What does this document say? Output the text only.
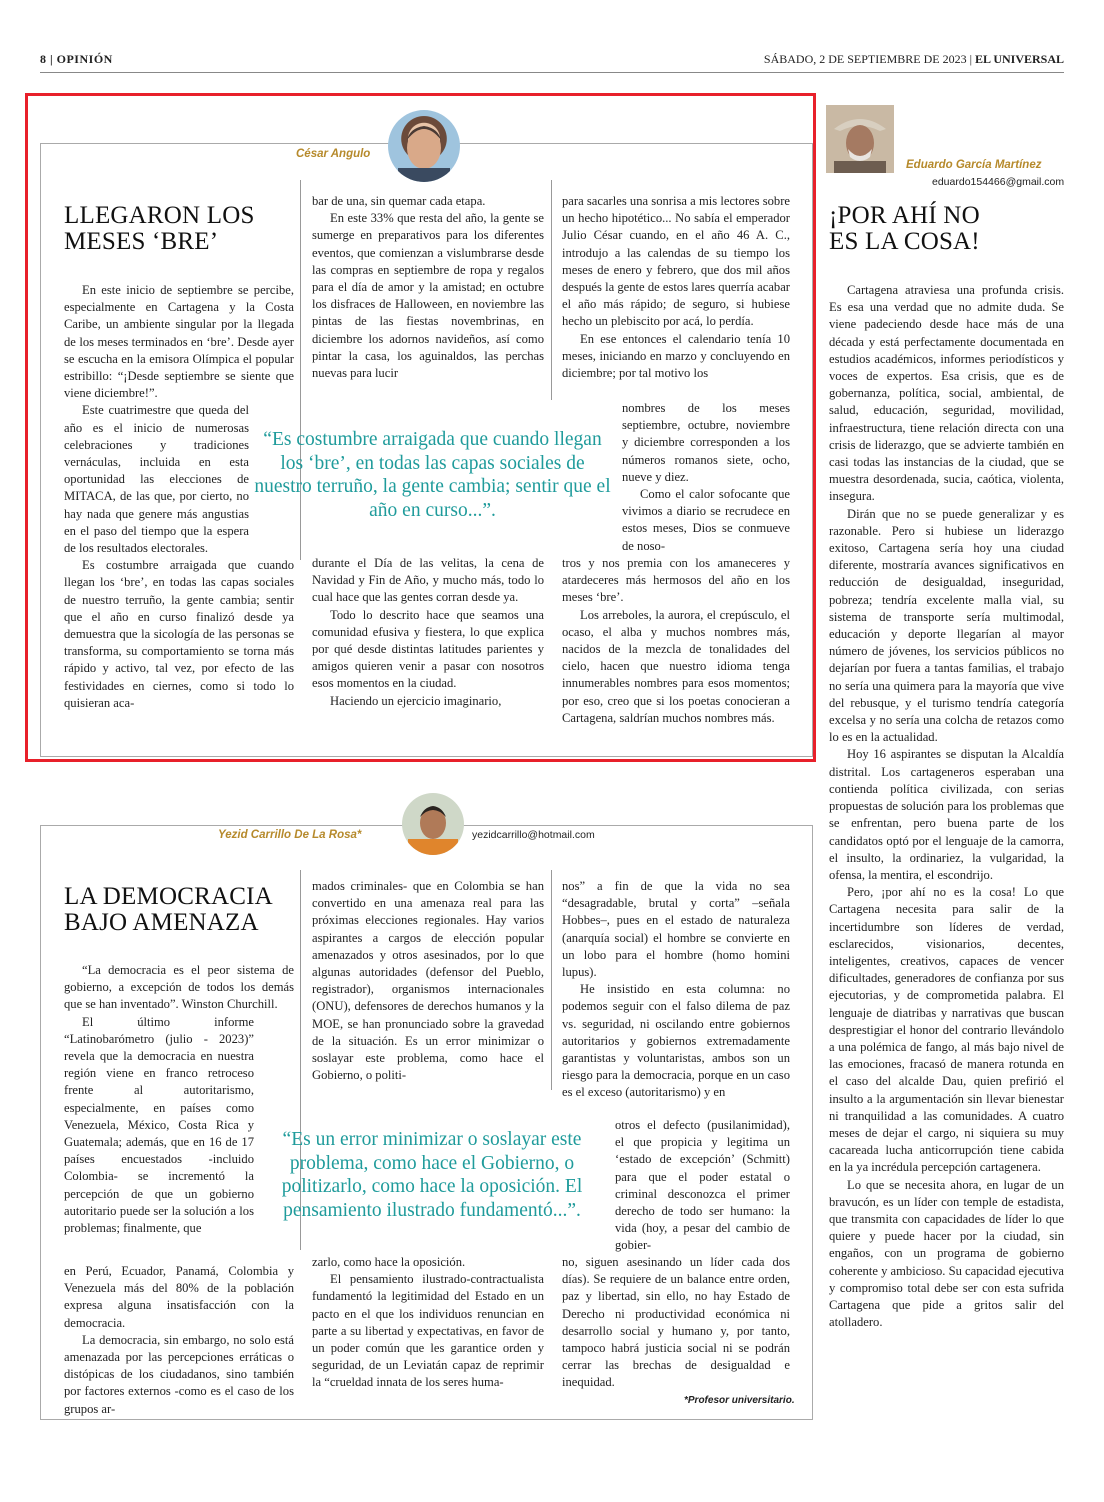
8 | OPINIÓN	SÁBADO, 2 DE SEPTIEMBRE DE 2023 | EL UNIVERSAL
César Angulo
LLEGARON LOS
MESES ‘BRE’

En este inicio de septiembre se percibe, especialmente en Cartagena y la Costa Caribe, un ambiente singular por la llegada de los meses terminados en ‘bre’. Desde ayer se escucha en la emisora Olímpica el popular estribillo: “¡Desde septiembre se siente que viene diciembre!”.

Este cuatrimestre que queda del año es el inicio de numerosas celebraciones y tradiciones vernáculas, incluida en esta oportunidad las elecciones de MITACA, de las que, por cierto, no hay nada que genere más angustias en el paso del tiempo que la espera de los resultados electorales.

Es costumbre arraigada que cuando llegan los ‘bre’, en todas las capas sociales de nuestro terruño, la gente cambia; sentir que el año en curso finalizó desde ya demuestra que la sicología de las personas se transforma, su comportamiento se torna más rápido y activo, tal vez, por efecto de las festividades en ciernes, como si todo lo quisieran aca-

bar de una, sin quemar cada etapa.

En este 33% que resta del año, la gente se sumerge en preparativos para los diferentes eventos, que comienzan a vislumbrarse desde las compras en septiembre de ropa y regalos para el día de amor y la amistad; en octubre los disfraces de Halloween, en noviembre las pintas de las fiestas novembrinas, en diciembre los adornos navideños, así como pintar la casa, los aguinaldos, las perchas nuevas para lucir

durante el Día de las velitas, la cena de Navidad y Fin de Año, y mucho más, todo lo cual hace que las gentes corran desde ya.

Todo lo descrito hace que seamos una comunidad efusiva y fiestera, lo que explica por qué desde distintas latitudes parientes y amigos quieren venir a pasar con nosotros esos momentos en la ciudad.

Haciendo un ejercicio imaginario,

para sacarles una sonrisa a mis lectores sobre un hecho hipotético... No sabía el emperador Julio César cuando, en el año 46 A. C., introdujo a las calendas de su tiempo los meses de enero y febrero, que dos mil años después la gente de estos lares querría acabar el año más rápido; de seguro, si hubiese hecho un plebiscito por acá, lo perdía.

En ese entonces el calendario tenía 10 meses, iniciando en marzo y concluyendo en diciembre; por tal motivo los

nombres de los meses septiembre, octubre, noviembre y diciembre corresponden a los números romanos siete, ocho, nueve y diez.

Como el calor sofocante que vivimos a diario se recrudece en estos meses, Dios se conmueve de noso-

tros y nos premia con los amaneceres y atardeceres más hermosos del año en los meses ‘bre’.

Los arreboles, la aurora, el crepúsculo, el ocaso, el alba y muchos nombres más, nacidos de la mezcla de tonalidades del cielo, hacen que nuestro idioma tenga innumerables nombres para esos momentos; por eso, creo que si los poetas conocieran a Cartagena, saldrían muchos nombres más.

“Es costumbre arraigada que cuando llegan los ‘bre’, en todas las capas sociales de nuestro terruño, la gente cambia; sentir que el año en curso...”.
Eduardo García Martínez
eduardo154466@gmail.com
¡POR AHÍ NO
ES LA COSA!

Cartagena atraviesa una profunda crisis. Es esa una verdad que no admite duda. Se viene padeciendo desde hace más de una década y está perfectamente documentada en estudios académicos, informes periodísticos y voces de expertos. Esa crisis, que es de gobernanza, política, social, ambiental, de salud, educación, seguridad, movilidad, infraestructura, tiene relación directa con una crisis de liderazgo, que se advierte también en casi todas las instancias de la ciudad, que se muestra desordenada, sucia, caótica, violenta, insegura.

Dirán que no se puede generalizar y es razonable. Pero si hubiese un liderazgo exitoso, Cartagena sería hoy una ciudad diferente, mostraría avances significativos en reducción de desigualdad, inseguridad, pobreza; tendría excelente malla vial, su sistema de transporte sería multimodal, educación y deporte llegarían al mayor número de jóvenes, los servicios públicos no dejarían por fuera a tantas familias, el trabajo no sería una quimera para la mayoría que vive del rebusque, y el turismo tendría categoría excelsa y no sería una colcha de retazos como lo es en la actualidad.

Hoy 16 aspirantes se disputan la Alcaldía distrital. Los cartageneros esperaban una contienda política civilizada, con serias propuestas de solución para los problemas que se enfrentan, pero buena parte de los candidatos optó por el lenguaje de la camorra, el insulto, la ordinariez, la vulgaridad, la ofensa, la mentira, el escondrijo.

Pero, ¡por ahí no es la cosa! Lo que Cartagena necesita para salir de la incertidumbre son líderes de verdad, esclarecidos, visionarios, decentes, inteligentes, creativos, capaces de vencer dificultades, generadores de confianza por sus ejecutorias, y de comprometida palabra. El lenguaje de diatribas y narrativas que buscan desprestigiar el honor del contrario llevándolo a una polémica de fango, al más bajo nivel de las emociones, fracasó de manera rotunda en el caso del alcalde Dau, quien prefirió el insulto a la argumentación sin llevar bienestar ni tranquilidad a las comunidades. A cuatro meses de dejar el cargo, ni siquiera su muy cacareada lucha anticorrupción tiene cabida en la ya incrédula percepción cartagenera.

Lo que se necesita ahora, en lugar de un bravucón, es un líder con temple de estadista, que transmita con capacidades de líder lo que quiere y puede hacer por la ciudad, sin engaños, con un programa de gobierno coherente y ambicioso. Su capacidad ejecutiva y compromiso total debe ser con esta sufrida Cartagena que pide a gritos salir del atolladero.

Yezid Carrillo De La Rosa*	yezidcarrillo@hotmail.com
LA DEMOCRACIA
BAJO AMENAZA

“La democracia es el peor sistema de gobierno, a excepción de todos los demás que se han inventado”. Winston Churchill.

El último informe “Latinobarómetro (julio - 2023)” revela que la democracia en nuestra región viene en franco retroceso frente al autoritarismo, especialmente, en países como Venezuela, México, Costa Rica y Guatemala; además, que en 16 de 17 países encuestados -incluido Colombia- se incrementó la percepción de que un gobierno autoritario puede ser la solución a los problemas; finalmente, que

en Perú, Ecuador, Panamá, Colombia y Venezuela más del 80% de la población expresa alguna insatisfacción con la democracia.

La democracia, sin embargo, no solo está amenazada por las percepciones erráticas o distópicas de los ciudadanos, sino también por factores externos -como es el caso de los grupos ar-

mados criminales- que en Colombia se han convertido en una amenaza real para las próximas elecciones regionales. Hay varios aspirantes a cargos de elección popular amenazados y otros asesinados, por lo que algunas autoridades (defensor del Pueblo, registrador), organismos internacionales (ONU), defensores de derechos humanos y la MOE, se han pronunciado sobre la gravedad de la situación. Es un error minimizar o soslayar este problema, como hace el Gobierno, o politi-

zarlo, como hace la oposición.

El pensamiento ilustrado-contractualista fundamentó la legitimidad del Estado en un pacto en el que los individuos renuncian en parte a su libertad y expectativas, en favor de un poder común que les garantice orden y seguridad, de un Leviatán capaz de reprimir la “crueldad innata de los seres huma-

nos” a fin de que la vida no sea “desagradable, brutal y corta” –señala Hobbes–, pues en el estado de naturaleza (anarquía social) el hombre se convierte en un lobo para el hombre (homo homini lupus).

He insistido en esta columna: no podemos seguir con el falso dilema de paz vs. seguridad, ni oscilando entre gobiernos autoritarios y gobiernos extremadamente garantistas y voluntaristas, ambos son un riesgo para la democracia, porque en un caso es el exceso (autoritarismo) y en

otros el defecto (pusilanimidad), el que propicia y legitima un ‘estado de excepción’ (Schmitt) para que el poder estatal o criminal desconozca el primer derecho de todo ser humano: la vida (hoy, a pesar del cambio de gobier-

no, siguen asesinando un líder cada dos días). Se requiere de un balance entre orden, paz y libertad, sin ello, no hay Estado de Derecho ni productividad económica ni desarrollo social y humano y, por tanto, tampoco habrá justicia social ni se podrán cerrar las brechas de desigualdad e inequidad.

*Profesor universitario.
“Es un error minimizar o soslayar este problema, como hace el Gobierno, o politizarlo, como hace la oposición. El pensamiento ilustrado fundamentó...”.
